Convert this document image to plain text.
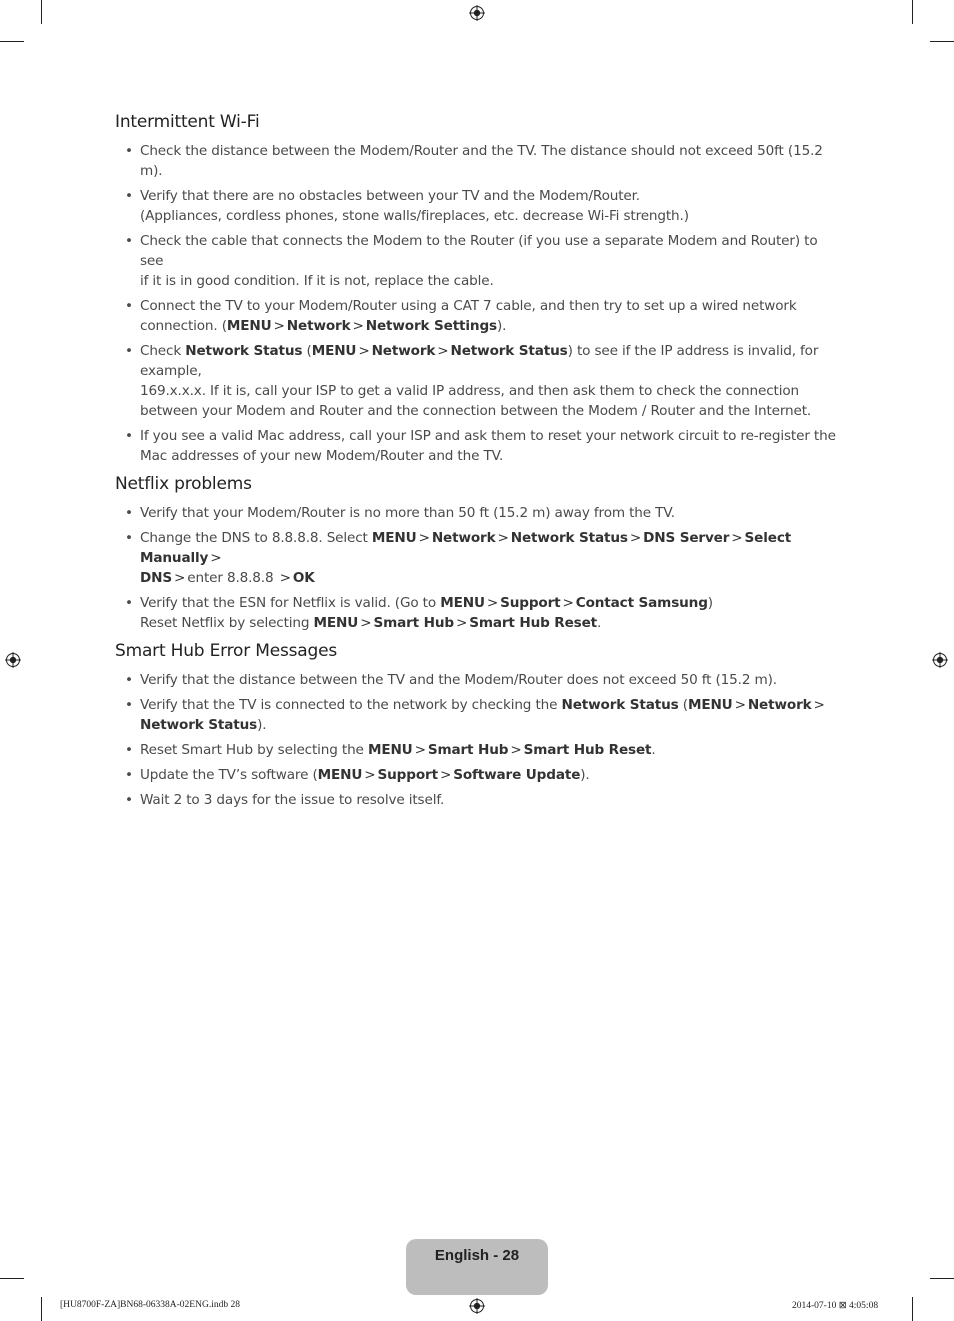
Intermittent Wi-Fi
• Check the distance between the Modem/Router and the TV. The distance should not exceed 50ft (15.2
m).
• Verify that there are no obstacles between your TV and the Modem/Router.
(Appliances, cordless phones, stone walls/fireplaces, etc. decrease Wi-Fi strength.)
• Check the cable that connects the Modem to the Router (if you use a separate Modem and Router) to see
if it is in good condition. If it is not, replace the cable.
• Connect the TV to your Modem/Router using a CAT 7 cable, and then try to set up a wired network
connection. (MENU > Network > Network Settings).
• Check Network Status (MENU > Network > Network Status) to see if the IP address is invalid, for example,
169.x.x.x. If it is, call your ISP to get a valid IP address, and then ask them to check the connection
between your Modem and Router and the connection between the Modem / Router and the Internet.
• If you see a valid Mac address, call your ISP and ask them to reset your network circuit to re-register the
Mac addresses of your new Modem/Router and the TV.
Netflix problems
• Verify that your Modem/Router is no more than 50 ft (15.2 m) away from the TV.
• Change the DNS to 8.8.8.8. Select MENU > Network > Network Status > DNS Server > Select Manually >
DNS > enter 8.8.8.8 > OK
• Verify that the ESN for Netflix is valid. (Go to MENU > Support > Contact Samsung)
Reset Netflix by selecting MENU > Smart Hub > Smart Hub Reset.
Smart Hub Error Messages
• Verify that the distance between the TV and the Modem/Router does not exceed 50 ft (15.2 m).
• Verify that the TV is connected to the network by checking the Network Status (MENU > Network >
Network Status).
• Reset Smart Hub by selecting the MENU > Smart Hub > Smart Hub Reset.
• Update the TV’s software (MENU > Support > Software Update).
• Wait 2 to 3 days for the issue to resolve itself.
English - 28
[HU8700F-ZA]BN68-06338A-02ENG.indb 28	2014-07-10 ⊠ 4:05:08
